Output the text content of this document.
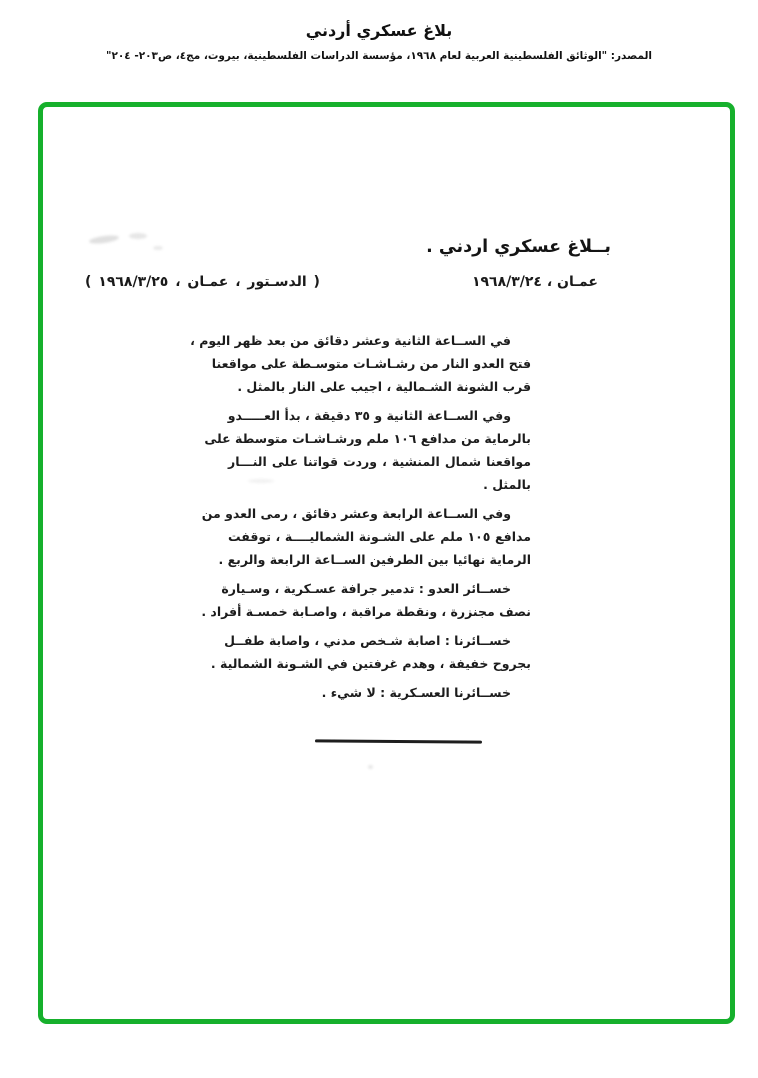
بلاغ عسكري أردني
المصدر: "الوثائق الفلسطينية العربية لعام ١٩٦٨، مؤسسة الدراسات الفلسطينية، بيروت، مج٤، ص٢٠٣- ٢٠٤"
بــلاغ عسكري اردني .
عمـان ، ١٩٦٨/٣/٢٤
( الدسـتور ، عمـان ، ١٩٦٨/٣/٢٥ )
في الســاعة الثانية وعشر دقائق من بعد ظهر اليوم ،
فتح العدو النار من رشـاشـات متوسـطة على مواقعنا
قرب الشونة الشـمالية ، اجيب على النار بالمثل .
وفي الســاعة الثانية و ٣٥ دقيقة ، بدأ العـــــدو
بالرماية من مدافع ١٠٦ ملم ورشـاشـات متوسطة على
مواقعنا شمال المنشية ، وردت قواتنا على النـــار
بالمثل .
وفي الســاعة الرابعة وعشر دقائق ، رمى العدو من
مدافع ١٠٥ ملم على الشـونة الشماليــــة ، توقفت
الرماية نهائيا بين الطرفين الســاعة الرابعة والربع .
خســائر العدو : تدمير جرافة عسـكرية ، وسـيارة
نصف مجنزرة ، ونقطة مراقبة ، واصـابة خمسـة أفراد .
خســائرنا : اصابة شـخص مدني ، واصابة طفــل
بجروح خفيفة ، وهدم غرفتين في الشـونة الشمالية .
خســائرنا العسـكرية : لا شيء .
